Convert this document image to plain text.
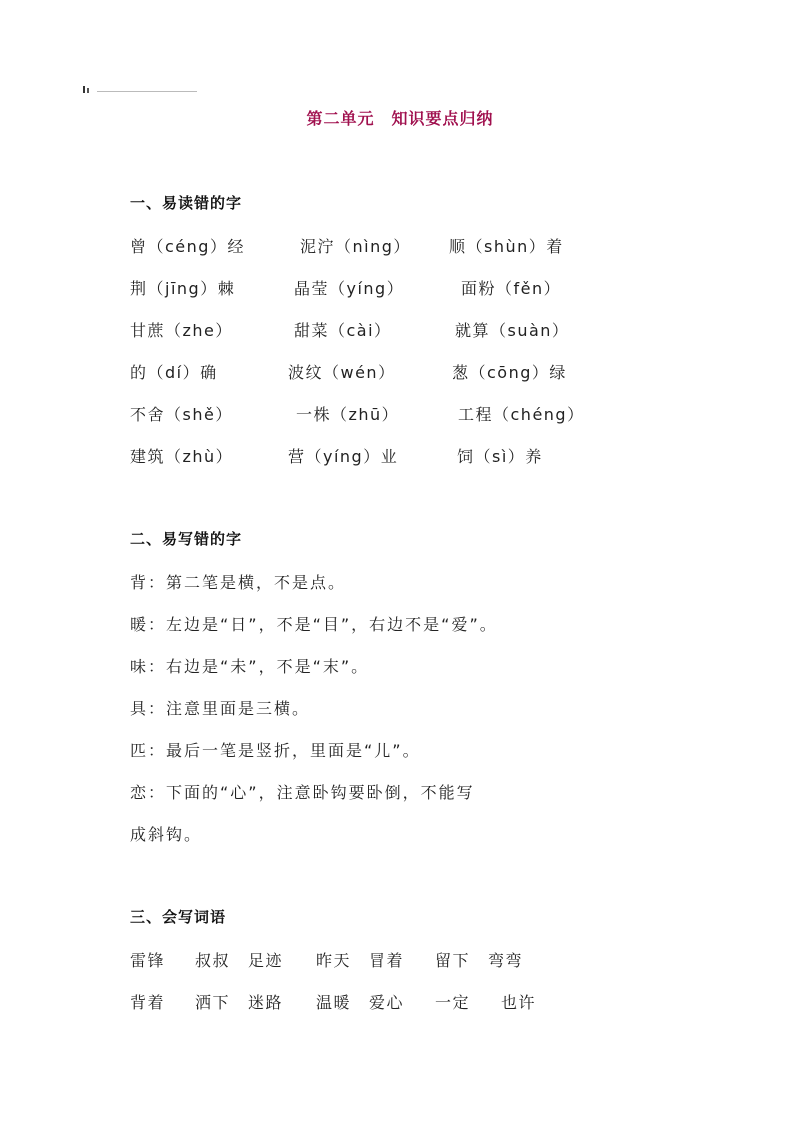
第二单元　知识要点归纳
一、易读错的字
曾（céng）经	泥泞（nìng） 顺（shùn）着
荆（jīng）棘	晶莹（yíng）	面粉（fěn）
甘蔗（zhe）	甜菜（cài）	就算（suàn）
的（dí）确	波纹（wén）	葱（cōng）绿
不舍（shě）	一株（zhū）	工程（chéng）
建筑（zhù）	营（yíng）业	饲（sì）养
二、易写错的字
背：第二笔是横，不是点。
暖：左边是“日”，不是“目”，右边不是“爱”。
味：右边是“未”，不是“末”。
具：注意里面是三横。
匹：最后一笔是竖折，里面是“儿”。
恋：下面的“心”，注意卧钩要卧倒，不能写
成斜钩。
三、会写词语
雷锋 叔叔 足迹 昨天 冒着 留下 弯弯
背着 洒下 迷路 温暖 爱心 一定 也许
